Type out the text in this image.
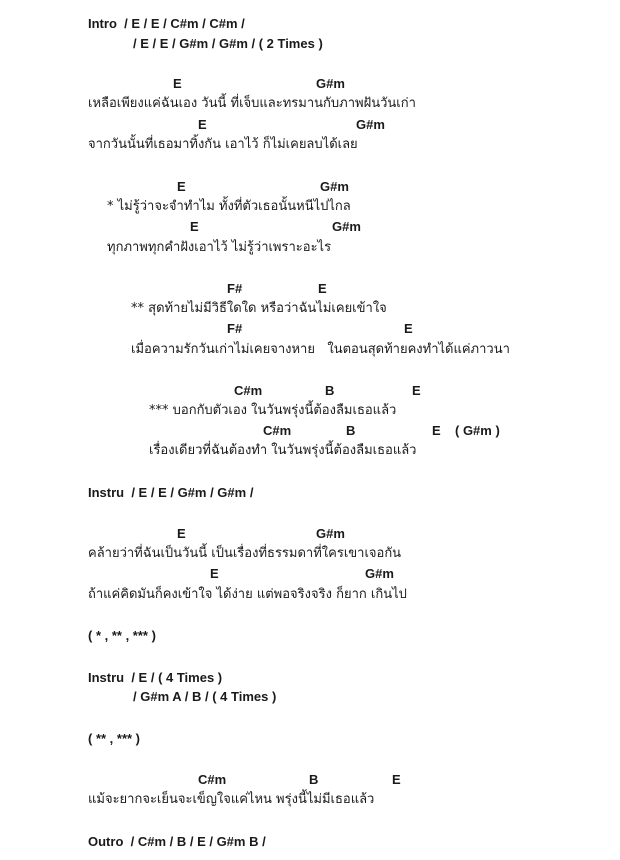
Intro  / E / E / C#m / C#m /
/ E / E / G#m / G#m / ( 2 Times )
E	G#m
เหลือเพียงแค่ฉันเอง วันนี้ ที่เจ็บและทรมานกับภาพฝันวันเก่า
E	G#m
จากวันนั้นที่เธอมาทิ้งกัน เอาไว้ ก็ไม่เคยลบได้เลย
E	G#m
* ไม่รู้ว่าจะจำทำไม ทั้งที่ตัวเธอนั้นหนีไปไกล
E	G#m
ทุกภาพทุกคำฝังเอาไว้ ไม่รู้ว่าเพราะอะไร
F#	E
** สุดท้ายไม่มีวิธีใดใด หรือว่าฉันไม่เคยเข้าใจ
F#	E
เมื่อความรักวันเก่าไม่เคยจางหาย   ในตอนสุดท้ายคงทำได้แค่ภาวนา
C#m	B	E
*** บอกกับตัวเอง ในวันพรุ่งนี้ต้องลืมเธอแล้ว
C#m	B	E ( G#m )
เรื่องเดียวที่ฉันต้องทำ ในวันพรุ่งนี้ต้องลืมเธอแล้ว
Instru  / E / E / G#m / G#m /
E	G#m
คล้ายว่าที่ฉันเป็นวันนี้ เป็นเรื่องที่ธรรมดาที่ใครเขาเจอกัน
E	G#m
ถ้าแค่คิดมันก็คงเข้าใจ ได้ง่าย แต่พอจริงจริง ก็ยาก เกินไป
( * , ** , *** )
Instru  / E / ( 4 Times )
/ G#m A / B / ( 4 Times )
( ** , *** )
C#m	B	E
แม้จะยากจะเย็นจะเข็ญใจแค่ไหน พรุ่งนี้ไม่มีเธอแล้ว
Outro  / C#m / B / E / G#m B /
